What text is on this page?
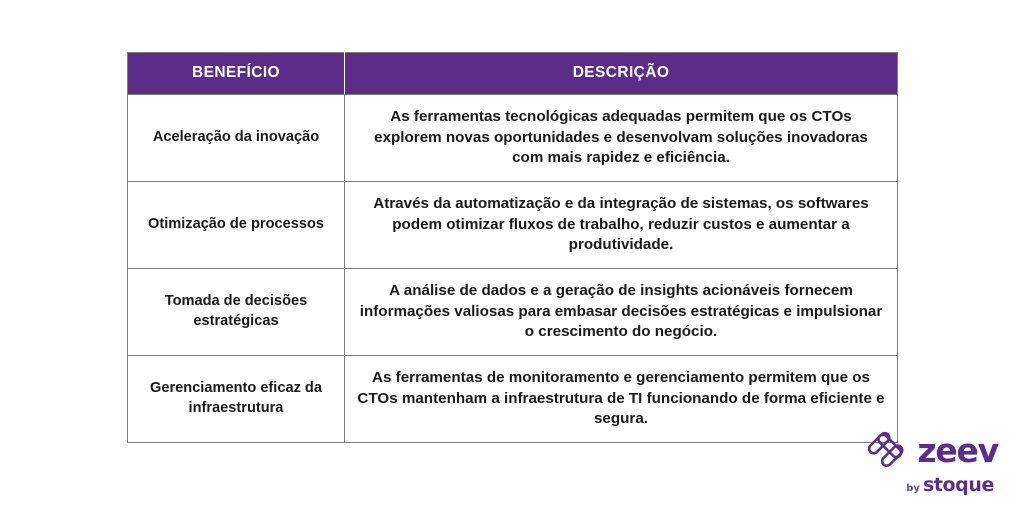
BENEFÍCIO	DESCRIÇÃO
Aceleração da inovação	As ferramentas tecnológicas adequadas permitem que os CTOs explorem novas oportunidades e desenvolvam soluções inovadoras com mais rapidez e eficiência.
Otimização de processos	Através da automatização e da integração de sistemas, os softwares podem otimizar fluxos de trabalho, reduzir custos e aumentar a produtividade.
Tomada de decisões estratégicas	A análise de dados e a geração de insights acionáveis fornecem informações valiosas para embasar decisões estratégicas e impulsionar o crescimento do negócio.
Gerenciamento eficaz da infraestrutura	As ferramentas de monitoramento e gerenciamento permitem que os CTOs mantenham a infraestrutura de TI funcionando de forma eficiente e segura.
zeev
by stoque
